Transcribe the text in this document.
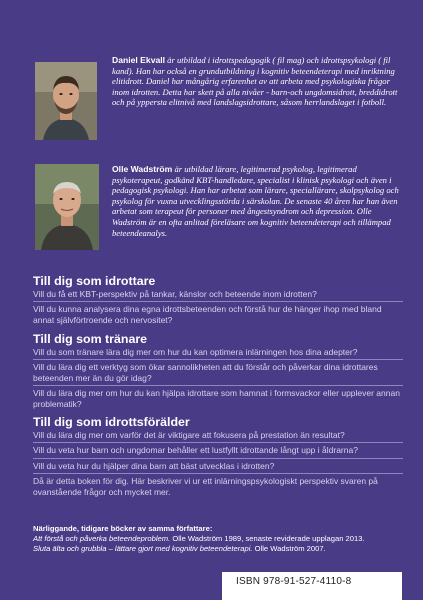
Daniel Ekvall är utbildad i idrottspedagogik ( fil mag) och idrottspsykologi ( fil kand). Han har också en grundutbildning i kognitiv beteendeterapi med inriktning elitidrott. Daniel har mångårig erfarenhet av att arbeta med psykologiska frågor inom idrotten. Detta har skett på alla nivåer - barn-och ungdomsidrott, breddidrott och på yppersta elitnivå med landslagsidrottare, såsom herrlandslaget i fotboll.
Olle Wadström är utbildad lärare, legitimerad psykolog, legitimerad psykoterapeut, godkänd KBT-handledare, specialist i klinisk psykologi och även i pedagogisk psykologi. Han har arbetat som lärare, speciallärare, skolpsykolog och psykolog för vuxna utvecklingsstörda i särskolan. De senaste 40 åren har han även arbetat som terapeut för personer med ångestsyndrom och depression. Olle Wadström är en ofta anlitad föreläsare om kognitiv beteendeterapi och tillämpad beteendeanalys.
Till dig som idrottare

Vill du få ett KBT-perspektiv på tankar, känslor och beteende inom idrotten?

Vill du kunna analysera dina egna idrottsbeteenden och förstå hur de hänger ihop med bland annat självförtroende och nervositet?

Till dig som tränare

Vill du som tränare lära dig mer om hur du kan optimera inlärningen hos dina adepter?

Vill du lära dig ett verktyg som ökar sannolikheten att du förstår och påverkar dina idrottares beteenden mer än du gör idag?

Vill du lära dig mer om hur du kan hjälpa idrottare som hamnat i formsvackor eller upplever annan problematik?

Till dig som idrottsförälder

Vill du lära dig mer om varför det är viktigare att fokusera på prestation än resultat?

Vill du veta hur barn och ungdomar behåller ett lustfyllt idrottande långt upp i åldrarna?

Vill du veta hur du hjälper dina barn att bäst utvecklas i idrotten?

Då är detta boken för dig. Här beskriver vi ur ett inlärningspsykologiskt perspektiv svaren på ovanstående frågor och mycket mer.

Närliggande, tidigare böcker av samma författare:
Att förstå och påverka beteendeproblem. Olle Wadström 1989, senaste reviderade upplagan 2013.
Sluta älta och grubbla – lättare gjort med kognitiv beteendeterapi. Olle Wadström 2007.
ISBN 978-91-527-4110-8
